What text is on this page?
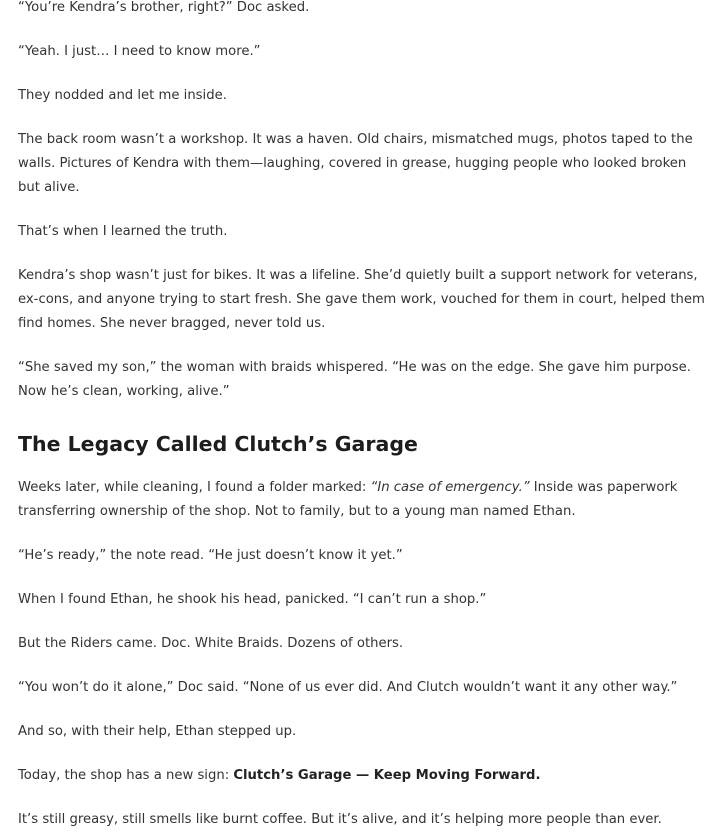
“You’re Kendra’s brother, right?” Doc asked.

“Yeah. I just… I need to know more.”

They nodded and let me inside.

The back room wasn’t a workshop. It was a haven. Old chairs, mismatched mugs, photos taped to the walls. Pictures of Kendra with them—laughing, covered in grease, hugging people who looked broken but alive.

That’s when I learned the truth.

Kendra’s shop wasn’t just for bikes. It was a lifeline. She’d quietly built a support network for veterans, ex-cons, and anyone trying to start fresh. She gave them work, vouched for them in court, helped them find homes. She never bragged, never told us.

“She saved my son,” the woman with braids whispered. “He was on the edge. She gave him purpose. Now he’s clean, working, alive.”

The Legacy Called Clutch’s Garage

Weeks later, while cleaning, I found a folder marked: “In case of emergency.” Inside was paperwork transferring ownership of the shop. Not to family, but to a young man named Ethan.

“He’s ready,” the note read. “He just doesn’t know it yet.”

When I found Ethan, he shook his head, panicked. “I can’t run a shop.”

But the Riders came. Doc. White Braids. Dozens of others.

“You won’t do it alone,” Doc said. “None of us ever did. And Clutch wouldn’t want it any other way.”

And so, with their help, Ethan stepped up.

Today, the shop has a new sign: Clutch’s Garage — Keep Moving Forward.

It’s still greasy, still smells like burnt coffee. But it’s alive, and it’s helping more people than ever.
